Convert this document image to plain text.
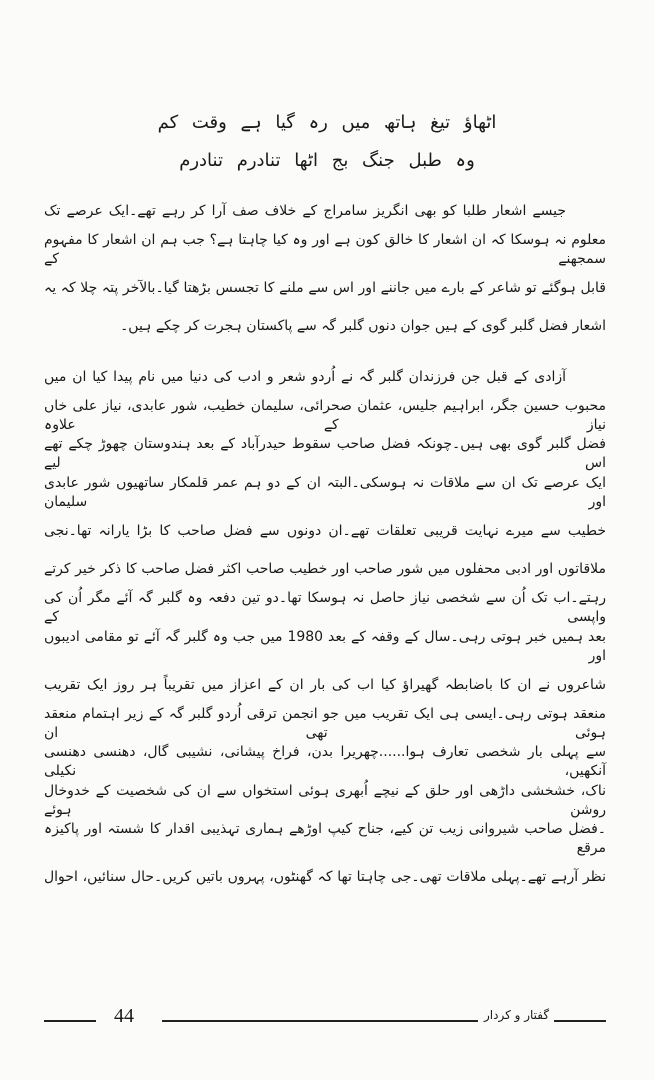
اٹھاؤ تیغ ہاتھ میں رہ گیا ہے وقت کم
وہ طبل جنگ بج اٹھا تنادرم تنادرم
جیسے اشعار طلبا کو بھی انگریز سامراج کے خلاف صف آرا کر رہے تھے۔ایک عرصے تک
معلوم نہ ہوسکا کہ ان اشعار کا خالق کون ہے اور وہ کیا چاہتا ہے؟ جب ہم ان اشعار کا مفہوم سمجھنے کے
قابل ہوگئے تو شاعر کے بارے میں جاننے اور اس سے ملنے کا تجسس بڑھتا گیا۔بالآخر پتہ چلا کہ یہ
اشعار فضل گلبر گوی کے ہیں جوان دنوں گلبر گہ سے پاکستان ہجرت کر چکے ہیں۔
آزادی کے قبل جن فرزندان گلبر گہ نے اُردو شعر و ادب کی دنیا میں نام پیدا کیا ان میں
محبوب حسین جگر، ابراہیم جلیس، عثمان صحرائی، سلیمان خطیب، شور عابدی، نیاز علی خاں نیاز کے علاوہ
فضل گلبر گوی بھی ہیں۔چونکہ فضل صاحب سقوط حیدرآباد کے بعد ہندوستان چھوڑ چکے تھے اس لیے
ایک عرصے تک ان سے ملاقات نہ ہوسکی۔البتہ ان کے دو ہم عمر قلمکار ساتھیوں شور عابدی اور سلیمان
خطیب سے میرے نہایت قریبی تعلقات تھے۔ان دونوں سے فضل صاحب کا بڑا یارانہ تھا۔نجی
ملاقاتوں اور ادبی محفلوں میں شور صاحب اور خطیب صاحب اکثر فضل صاحب کا ذکر خیر کرتے
رہتے۔اب تک اُن سے شخصی نیاز حاصل نہ ہوسکا تھا۔دو تین دفعہ وہ گلبر گہ آئے مگر اُن کی واپسی کے
بعد ہمیں خبر ہوتی رہی۔سال کے وقفہ کے بعد 1980 میں جب وہ گلبر گہ آئے تو مقامی ادیبوں اور
شاعروں نے ان کا باضابطہ گھیراؤ کیا اب کی بار ان کے اعزاز میں تقریباً ہر روز ایک تقریب
منعقد ہوتی رہی۔ایسی ہی ایک تقریب میں جو انجمن ترقی اُردو گلبر گہ کے زیر اہتمام منعقد ہوئی تھی ان
سے پہلی بار شخصی تعارف ہوا......چھریرا بدن، فراخ پیشانی، نشیبی گال، دھنسی دھنسی آنکھیں، نکیلی
ناک، خشخشی داڑھی اور حلق کے نیچے اُبھری ہوئی استخواں سے ان کی شخصیت کے خدوخال روشن ہوئے
۔فضل صاحب شیروانی زیب تن کیے، جناح کیپ اوڑھے ہماری تہذیبی اقدار کا شستہ اور پاکیزہ مرقع
نظر آرہے تھے۔پہلی ملاقات تھی۔جی چاہتا تھا کہ گھنٹوں، پہروں باتیں کریں۔حال سنائیں، احوال
44	گفتار و کردار
